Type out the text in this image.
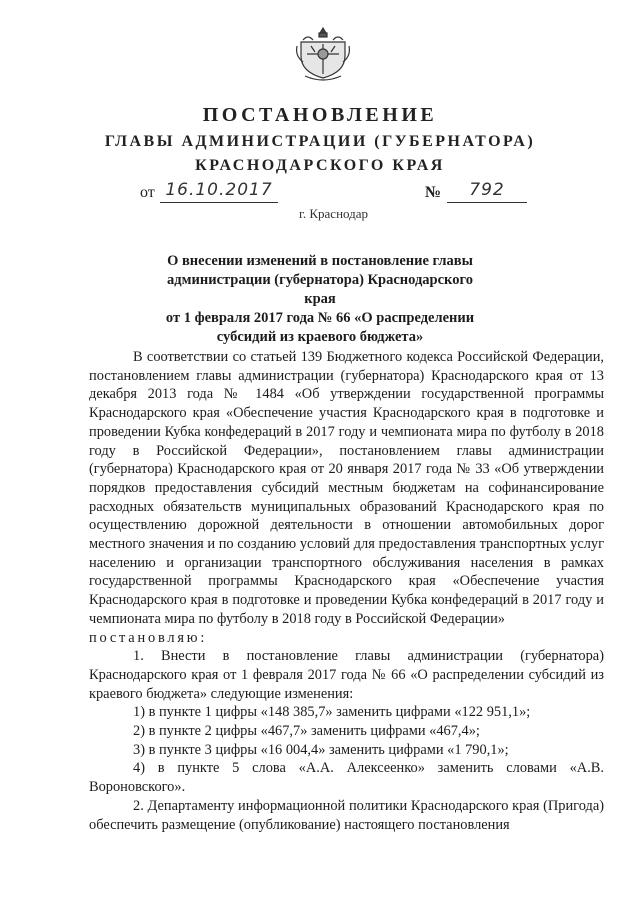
ПОСТАНОВЛЕНИЕ
ГЛАВЫ АДМИНИСТРАЦИИ (ГУБЕРНАТОРА)
КРАСНОДАРСКОГО КРАЯ
от 16.10.2017	№	792
г. Краснодар
О внесении изменений в постановление главы
администрации (губернатора) Краснодарского края
от 1 февраля 2017 года № 66 «О распределении
субсидий из краевого бюджета»

В соответствии со статьей 139 Бюджетного кодекса Российской Федерации, постановлением главы администрации (губернатора) Краснодарского края от 13 декабря 2013 года № 1484 «Об утверждении государственной программы Краснодарского края «Обеспечение участия Краснодарского края в подготовке и проведении Кубка конфедераций в 2017 году и чемпионата мира по футболу в 2018 году в Российской Федерации», постановлением главы администрации (губернатора) Краснодарского края от 20 января 2017 года № 33 «Об утверждении порядков предоставления субсидий местным бюджетам на софинансирование расходных обязательств муниципальных образований Краснодарского края по осуществлению дорожной деятельности в отношении автомобильных дорог местного значения и по созданию условий для предоставления транспортных услуг населению и организации транспортного обслуживания населения в рамках государственной программы Краснодарского края «Обеспечение участия Краснодарского края в подготовке и проведении Кубка конфедераций в 2017 году и чемпионата мира по футболу в 2018 году в Российской Федерации»

постановляю:

1. Внести в постановление главы администрации (губернатора) Краснодарского края от 1 февраля 2017 года № 66 «О распределении субсидий из краевого бюджета» следующие изменения:

1) в пункте 1 цифры «148 385,7» заменить цифрами «122 951,1»;

2) в пункте 2 цифры «467,7» заменить цифрами «467,4»;

3) в пункте 3 цифры «16 004,4» заменить цифрами «1 790,1»;

4) в пункте 5 слова «А.А. Алексеенко» заменить словами «А.В. Вороновского».

2. Департаменту информационной политики Краснодарского края (Пригода) обеспечить размещение (опубликование) настоящего постановления
